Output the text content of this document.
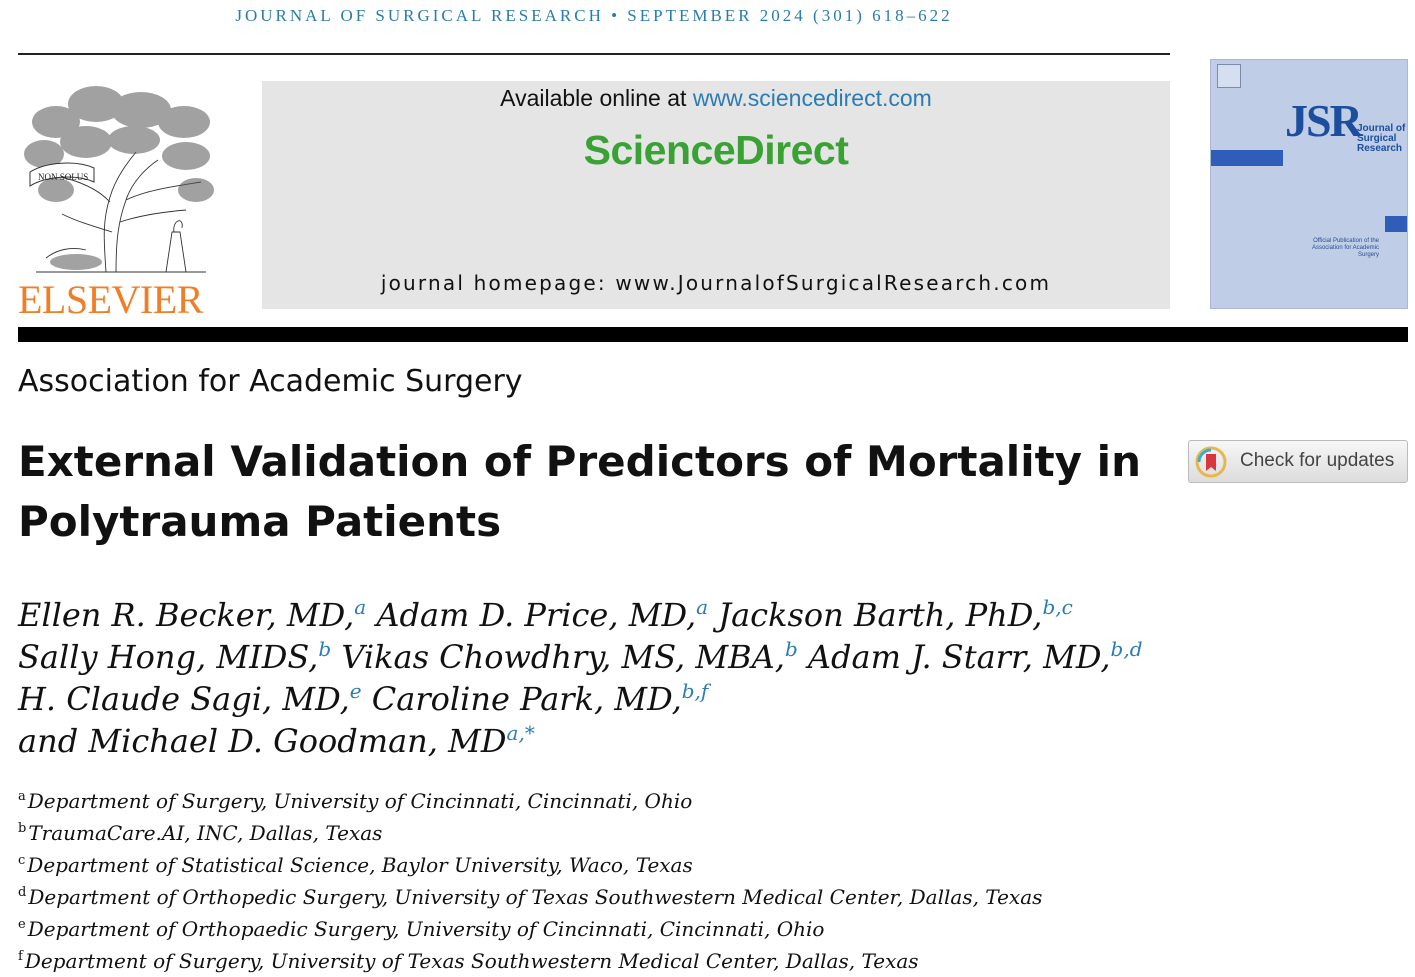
JOURNAL OF SURGICAL RESEARCH • SEPTEMBER 2024 (301) 618–622
NON SOLUS
ELSEVIER
Available online at www.sciencedirect.com
ScienceDirect
journal homepage: www.JournalofSurgicalResearch.com
JSR
Journal of Surgical Research
Official Publication of the Association for Academic Surgery
Association for Academic Surgery
External Validation of Predictors of Mortality in Polytrauma Patients
Check for updates
Ellen R. Becker, MD,$^a$ Adam D. Price, MD,$^a$ Jackson Barth, PhD,$^{b,c}$
Sally Hong, MIDS,$^b$ Vikas Chowdhry, MS, MBA,$^b$ Adam J. Starr, MD,$^{b,d}$
H. Claude Sagi, MD,$^e$ Caroline Park, MD,$^{b,f}$
and Michael D. Goodman, $MD^{a,*}$
$^a$ Department of Surgery, University of Cincinnati, Cincinnati, Ohio
$^b$ TraumaCare.AI, INC, Dallas, Texas
$^c$ Department of Statistical Science, Baylor University, Waco, Texas
$^d$ Department of Orthopedic Surgery, University of Texas Southwestern Medical Center, Dallas, Texas
$^e$ Department of Orthopaedic Surgery, University of Cincinnati, Cincinnati, Ohio
$^f$ Department of Surgery, University of Texas Southwestern Medical Center, Dallas, Texas
